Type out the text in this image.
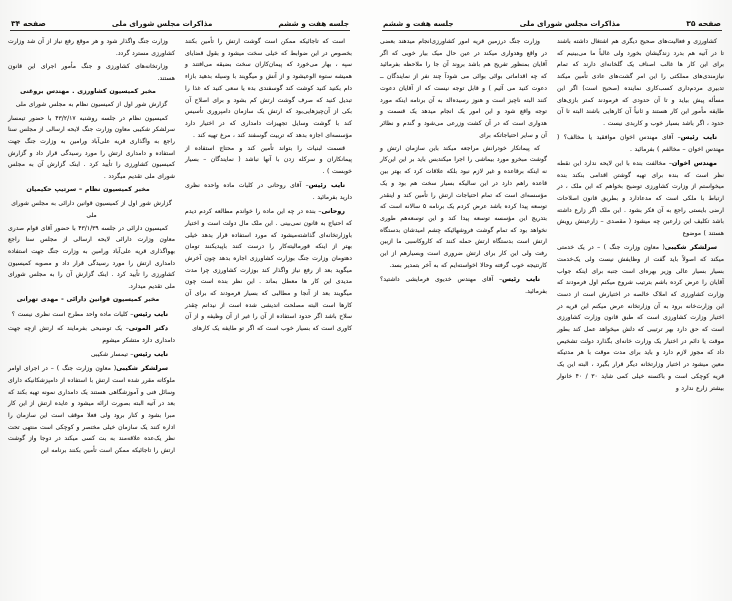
صفحه ۳۵
مذاکرات مجلس شورای ملی
جلسه هفت و ششم

کشاورزی و فعالیت‌های صحیح دیگری هم اشتغال داشته باشند تا در آتیه هم بدرد زندگیشان بخورد ولی غالباً ما می‌بینیم که برای این کار ها غالب اصناف یک گلخانه‌ای دارند که تمام نیازمندی‌های مملکتی را این امر گشت‌های عادی تأمین میکند تدبیری مردم‌داری کسب‌کاری نماینده (صحیح است) اگر این مسأله پیش بیاید و تا آن حدودی که فرمودند کمتر بازی‌های طایفه مأمور این کار هستند و ثانیاً آن کارهایی باشند البته تا آن حدود ، اگر باشد بسیار خوب و کاربدی نیست .

نایب رئیس– آقای مهندس اخوان موافقید یا مخالف؟ ( مهندس اخوان – مخالفم ) بفرمائید .

مهندس اخوان– مخالفت بنده با این لایحه ندارد این نقطه نظر است که بنده برای تهیه گوشتن اقدامی بنکند بنده میخواستم از وزارت کشاورزی توضیح بخواهم که این ملک ، در ارتباط با ملکی است که مدعادارد و بطریق قانون اصلاحات ارضی بایستی راجع به آن فکر بشود . این ملک اگر زارع داشته باشد تکلیف این زارعین چه میشود ( مقصدی – زارعینش رویش هستند ) موضوع

سرلشکر شکیبی( معاون وزارت جنگ ) – در یک خدمتی میکند که اصولاً باید گفت از وظایفش نیست ولی یک‌خدمت بسیار بسیار عالی وزیر بهره‌ای است جنبه برای اینکه جواب آقایان را عرض کرده باشم بترتیب شروع میکنم اول فرمودند که وزارت کشاورزی که املاک خالصه در اختیارش است از دست این وزارت‌خانه برود به آن وزارتخانه عرض میکنم این قریه در اختیار وزارت کشاورزی است که طبق قانون وزارت کشاورزی است که حق دارد بهر ترتیبی که دلش میخواهد عمل کند بطور موقت یا دائم در اختیار یک وزارت خانه‌ای بگذارد دولت تشخیص داد که مجوز لازم دارد و باید برای مدت موقت با هر مدتیکه معین میشود در اختیار وزارتخانه دیگر قرار بگیرد ، البته این یک قریه کوچکی است و باکسنه خیلی کمی شاید ۳۰ / ۴۰ خانوار بیشتر زارع ندارد و

وزارت جنگ درزمین قریه امور کشاورزی‌انجام میدهند بعضی در واقع وهدواری میکند در عین حال میک بیار خوبی که اگر آقایان بمنظور تفریح هم باشد بروند آن جا را ملاحظه بفرمائید که چه اقداماتی بوائی بوائی می شودآ چند نفر از نمایندگان ــ دعوت کنید می آئیم ) و قابل توجه نیست که از آقایان دعوت کنند البته ناچیز است و هنوز رسیده‌الد به آن برنامه اینکه مورد توجه واقع شود و این امور یک انجام میدهد یک قسمت و هدواری است که در آن کشت وزرعی می‌شود و گندم و نظائر آن و سایر احتیاجاتکه برای

که پیمانکار خودرانش مراجعه میکند باین سازمان ارتش و گوشت مبخرو مورد بیماشی را اجرا میکندبس باید بر این این‌کار نه اینکه برقاعده و غیر لازم نبود بلکه علاقات کرد که بهتر بین قاعده راهم دارد در این سالیکه بسیار سخت هم بود و یک مؤسسه‌ای‌ است که تمام احتیاجات ارتش را تأمین کند و اینقدر توسعه پیدا کرده باشد عرض کردم یک برنامه ۵ سالانه است که بتدریج این مؤسسه توسعه پیدا کند و این توسعه‌هم طوری نخواهد بود که تمام گوشت فروشهائیکه چشم امیدشان بدستگاه ارتش است بدستگاه ارتش حمله کنند که کاروکاسبی ما ازبین رفت ولی این کار برای ارتش ضروری است وبسیارهم از این کارنتیجه خوب گرفته وحالا اخواسته‌ایم که به آخر بتمدیر بسد.

نایب رئیس– آقای مهندس خدیوی فرمایشی داشتید؟ بفرمائید.

جلسه هفت و ششم
مذاکرات مجلس شورای ملی
صفحه ۳۴

است که تاجائیکه ممکن است گوشت ارتش را تأمین بکنند بخصوص در این ضوابط که خیلی سخت میشود و بقول قضایای سپه ، بهار می‌خورد که پیمان‌کاران سخت بضیقه می‌افتند و همیشه ستوه الوعیشود و از آنش و میگویند با وسیله بدهید بازاء دام بکنید کنید کوشت کند گوسفندی بده یا سعی کنید که غذا را تبدیل کنید که صرف گوشت ارتش کم بشود و برای اصلاح آن بکی از آن‌چیزهایی‌بود که ارتش یک سازمان دامپروری تأسیس کند با گوشت وسایل تجهیزات دامداری که در اختیار دارد مؤسسه‌ای اجازه بدهد که تربیت گوسفند کند ، مرغ تهیه کند .

قسمت لبنیات را بتواند تأمین کند و محتاج استفاده از پیمانکاران و سرکله زدن با آنها نباشد ( نمایندگان – بسیار خوبست ) .

نایب رئیس– آقای روحانی در کلیات ماده واحده نظری دارید بفرمائید .

روحانی– بنده در چه این ماده را خواندم مطالعه کردم دیدم که احتیاج به قانون نمی‌بینی . این ملک مال دولت است و اختیار باوزارتخانه‌ای گذاشته‌میشود که مورد استفاده قرار بدهد خیلی بهتر از اینکه قورمالیته‌کار را درست کنند باپیدیکنند تومان دهتومان وزارت جنگ بوزارت کشاورزی اجاره بدهد چون آخرش میگوید بعد از رفع نیاز واگذار کند بوزارت کشاورزی چرا مدت مدیدی این کار ها معطل بماند . این نظر بنده است چون میگویند بعد از آنجا و مطالبی که بسیار فرمودند که برای آن کارها است البته مصلحت اندیشی شده است از نیدانم چقدر سلاح باشد اگر حدود استفاده از آن را غیر از آن وظیفه و از آن کاوری است که بسیار خوب است که اگر تو طایفه یک کارهای

وزارت جنگ واگذار شود و هر موقع رفع نیاز از آن شد وزارت کشاورزی مسترد گردد.

وزارتخانه‌های کشاورزی و جنگ مأمور اجرای این قانون هستند.

مخبر کمیسیون کشاورزی . مهندس بروغنی

گزارش شور اول از کمیسیون نظام به مجلس شورای ملی

کمیسیون نظام در جلسه روشنبه ۴۳/۲/۱۷ با حضور تیمسار سرلشکر شکیبی معاون وزارت جنگ لایحه ارسالی از مجلس سنا راجع به واگذاری قریه علی‌آباد ورامین به وزارت جنگ جهت استفاده و دامداری ارتش را مورد رسیدگی قرار داد و گزارش کمیسیون کشاورزی را تأیید کرد . اینک گزارش آن به مجلس شورای ملی تقدیم میگردد .

مخبر کمیسیون نظام – سرتیپ حکیمیان

گزارش شور اول از کمیسیون قوانین دارائی به مجلس شورای ملی

کمیسیون دارائی در جلسه ۴۳/۱/۳۹ با حضور آقای قوام صدری معاون وزارت دارائی لایحه ارسالی از مجلس سنا راجع بهواگذاری قریه علی‌آباد ورامین به وزارت جنگ جهت استفاده دامداری ارتش را مورد رسیدگی قرار داد و مصوبه کمیسیون کشاورزی را تأیید کرد . اینک گزارش آن را به مجلس شورای ملی تقدیم میدارد.

مخبر کمیسیون قوانین دارائی - مهدی تهرانی

نایب رئیس– کلیات ماده واحد مطرح است نظری نیست ؟

دکتر الموتی– یک توضیحی بفرمایند که ارتش ازچه جهت دامداری دارد متشکر میشوم

نایب رئیس– تیمسار شکیبی

سرلشکر شکیبی( معاون وزارت جنگ ) – در اجرای اوامر ملوکانه مقرر شده است ارتش با استفاده از دامپزشکانیکه دارای وسائل فنی و آموزشگاهی هستند یک دامداری نمونه تهیه بکند که بعد در آتیه البته بصورت ارائه میشود و عایده ارتش از این کار مبرا بشود و کنار برود ولی فعلا موقف است این سازمان را اداره کنند یک سازمان خیلی مختصر و کوچکی است منتهی تحت نظر یک‌عده علاقه‌مند به ‌بت کسی میکند در دوجا واز گوشت ارتش را تاجائیکه ممکن است تأمین بکنند برنامه این
